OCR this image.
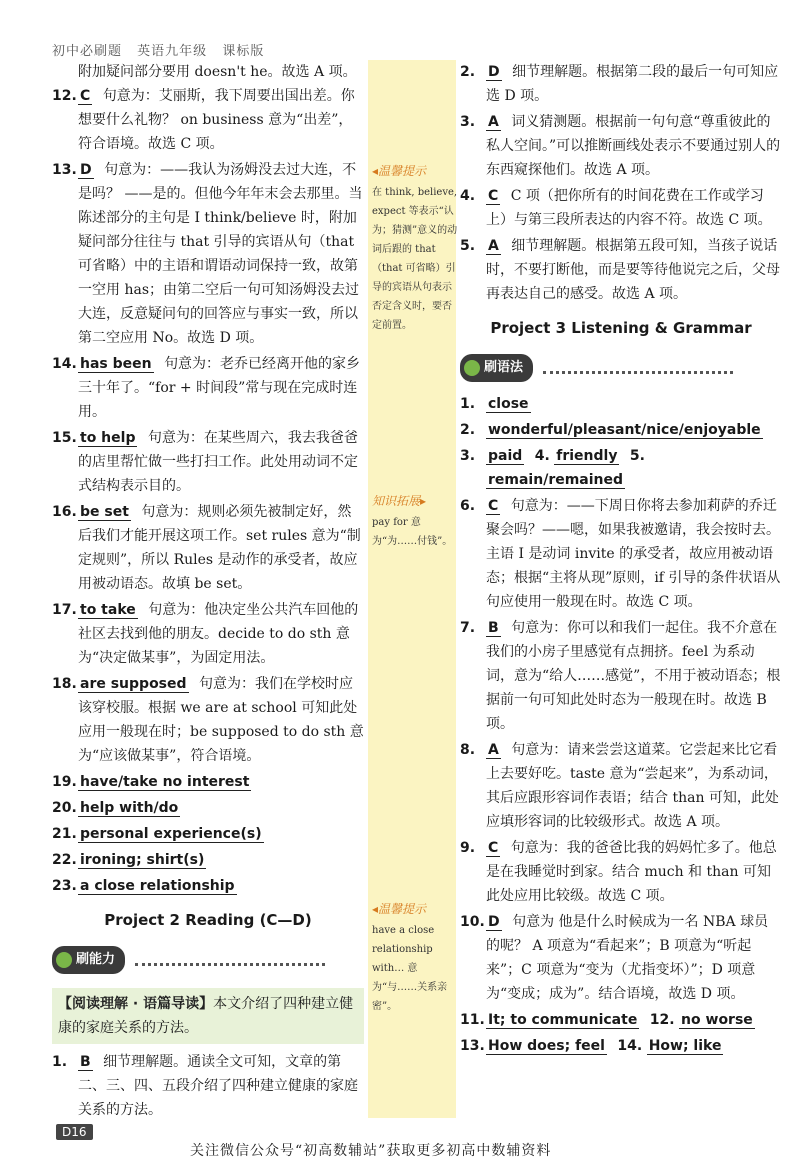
初中必刷题 英语九年级 课标版
◂温馨提示
在 think, believe, expect 等表示“认为；猜测”意义的动词后跟的 that（that 可省略）引导的宾语从句表示否定含义时，要否定前置。
知识拓展▸
pay for 意为“为……付钱”。
◂温馨提示
have a close relationship with… 意为“与……关系亲密”。
附加疑问部分要用 doesn't he。故选 A 项。
12. C 句意为：艾丽斯，我下周要出国出差。你想要什么礼物？ on business 意为“出差”，符合语境。故选 C 项。
13. D 句意为：——我认为汤姆没去过大连，不是吗？ ——是的。但他今年年末会去那里。当陈述部分的主句是 I think/believe 时，附加疑问部分往往与 that 引导的宾语从句（that 可省略）中的主语和谓语动词保持一致，故第一空用 has；由第二空后一句可知汤姆没去过大连，反意疑问句的回答应与事实一致，所以第二空应用 No。故选 D 项。
14. has been 句意为：老乔已经离开他的家乡三十年了。“for + 时间段”常与现在完成时连用。
15. to help 句意为：在某些周六，我去我爸爸的店里帮忙做一些打扫工作。此处用动词不定式结构表示目的。
16. be set 句意为：规则必须先被制定好，然后我们才能开展这项工作。set rules 意为“制定规则”，所以 Rules 是动作的承受者，故应用被动语态。故填 be set。
17. to take 句意为：他决定坐公共汽车回他的社区去找到他的朋友。decide to do sth 意为“决定做某事”，为固定用法。
18. are supposed 句意为：我们在学校时应该穿校服。根据 we are at school 可知此处应用一般现在时；be supposed to do sth 意为“应该做某事”，符合语境。
19. have/take no interest
20. help with/do
21. personal experience(s)
22. ironing; shirt(s)
23. a close relationship
Project 2 Reading (C—D)
刷能力

【阅读理解 · 语篇导读】本文介绍了四种建立健康的家庭关系的方法。
1. B 细节理解题。通读全文可知，文章的第二、三、四、五段介绍了四种建立健康的家庭关系的方法。
2. D 细节理解题。根据第二段的最后一句可知应选 D 项。
3. A 词义猜测题。根据前一句句意“尊重彼此的私人空间。”可以推断画线处表示不要通过别人的东西窥探他们。故选 A 项。
4. C C 项（把你所有的时间花费在工作或学习上）与第三段所表达的内容不符。故选 C 项。
5. A 细节理解题。根据第五段可知，当孩子说话时，不要打断他，而是要等待他说完之后，父母再表达自己的感受。故选 A 项。
Project 3 Listening & Grammar
刷语法

1. close
2. wonderful/pleasant/nice/enjoyable
3. paid 4. friendly 5. remain/remained
6. C 句意为：——下周日你将去参加莉萨的乔迁聚会吗？——嗯，如果我被邀请，我会按时去。主语 I 是动词 invite 的承受者，故应用被动语态；根据“主将从现”原则，if 引导的条件状语从句应使用一般现在时。故选 C 项。
7. B 句意为：你可以和我们一起住。我不介意在我们的小房子里感觉有点拥挤。feel 为系动词，意为“给人……感觉”，不用于被动语态；根据前一句可知此处时态为一般现在时。故选 B 项。
8. A 句意为：请来尝尝这道菜。它尝起来比它看上去要好吃。taste 意为“尝起来”，为系动词，其后应跟形容词作表语；结合 than 可知，此处应填形容词的比较级形式。故选 A 项。
9. C 句意为：我的爸爸比我的妈妈忙多了。他总是在我睡觉时到家。结合 much 和 than 可知此处应用比较级。故选 C 项。
10. D 句意为 他是什么时候成为一名 NBA 球员的呢？ A 项意为“看起来”；B 项意为“听起来”；C 项意为“变为（尤指变坏）”；D 项意为“变成；成为”。结合语境，故选 D 项。
11. It; to communicate 12. no worse
13. How does; feel 14. How; like
D16
关注微信公众号“初高数辅站”获取更多初高中数辅资料
